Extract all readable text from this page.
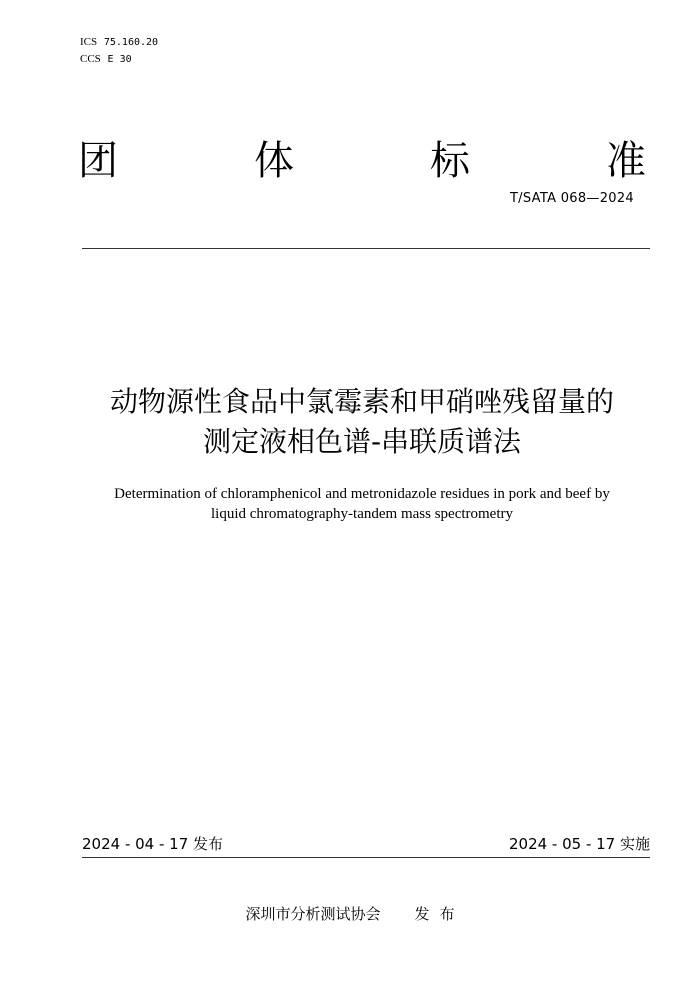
ICS 75.160.20
CCS E 30
团	体	标	准
T/SATA 068—2024
动物源性食品中氯霉素和甲硝唑残留量的
测定液相色谱-串联质谱法
Determination of chloramphenicol and metronidazole residues in pork and beef by
liquid chromatography-tandem mass spectrometry
2024 - 04 - 17 发布	2024 - 05 - 17 实施
深圳市分析测试协会 发 布
